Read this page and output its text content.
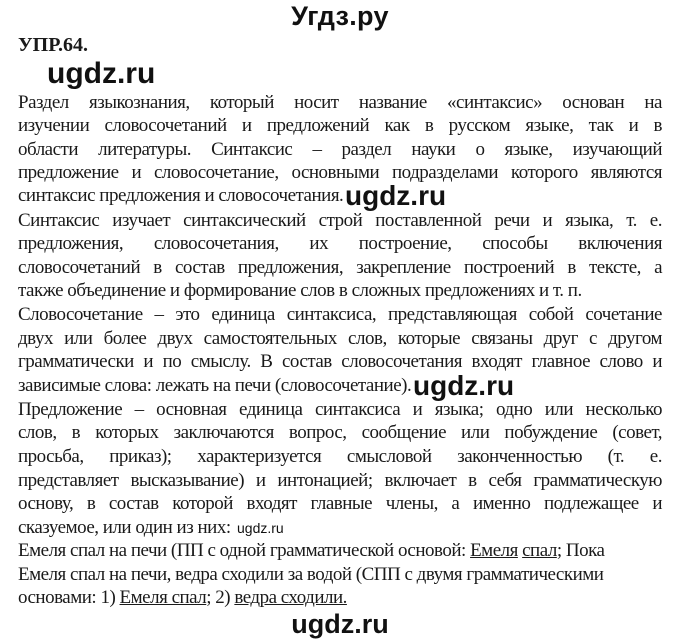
Угдз.ру
УПР.64.
Раздел языкознания, который носит название «синтаксис» основан на
изучении словосочетаний и предложений как в русском языке, так и в
области литературы. Синтаксис – раздел науки о языке, изучающий
предложение и словосочетание, основными подразделами которого являются
синтаксис предложения и словосочетания.
Синтаксис изучает синтаксический строй поставленной речи и языка, т. е.
предложения, словосочетания, их построение, способы включения
словосочетаний в состав предложения, закрепление построений в тексте, а
также объединение и формирование слов в сложных предложениях и т. п.
Словосочетание – это единица синтаксиса, представляющая собой сочетание
двух или более двух самостоятельных слов, которые связаны друг с другом
грамматически и по смыслу. В состав словосочетания входят главное слово и
зависимые слова: лежать на печи (словосочетание).
Предложение – основная единица синтаксиса и языка; одно или несколько
слов, в которых заключаются вопрос, сообщение или побуждение (совет,
просьба, приказ); характеризуется смысловой законченностью (т. е.
представляет высказывание) и интонацией; включает в себя грамматическую
основу, в состав которой входят главные члены, а именно подлежащее и
сказуемое, или один из них:
Емеля спал на печи (ПП с одной грамматической основой: Емеля спал; Пока
Емеля спал на печи, ведра сходили за водой (СПП с двумя грамматическими
основами: 1) Емеля спал; 2) ведра сходили.
ugdz.ru
ugdz.ru
ugdz.ru
ugdz.ru
ugdz.ru
